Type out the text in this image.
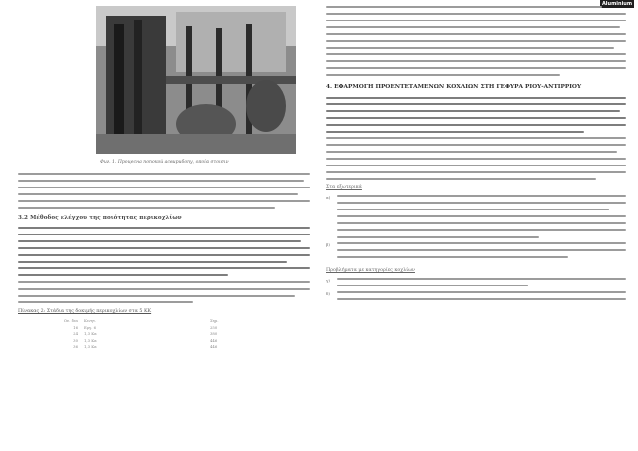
Aluminium
Фиг. 1. Процесна попокой асвирибопу, οποία στοισιν
3.2 Μέθοδος ελέγχου της ποιότητας περικοχλίων
Πίνακας 2: Στάδια της δοκιμής περικοχλίων στα 5 ΚΚ
Ον. δια Κινητ.	Σημ.
16 Εργ. 6	250
24 1,3 Κα	380
30 1,3 Κα	446
36 1,3 Κα	446
4. ΕΦΑΡΜΟΓΗ ΠΡΟΕΝΤΕΤΑΜΕΝΩΝ ΚΟΧΛΙΩΝ ΣΤΗ ΓΕΦΥΡΑ ΡΙΟΥ-ΑΝΤΙΡΡΙΟΥ
Στα εξωτερικά
α)
β)
Προβλήματα με κατηγορίες κοχλίων
γ)
δ)
